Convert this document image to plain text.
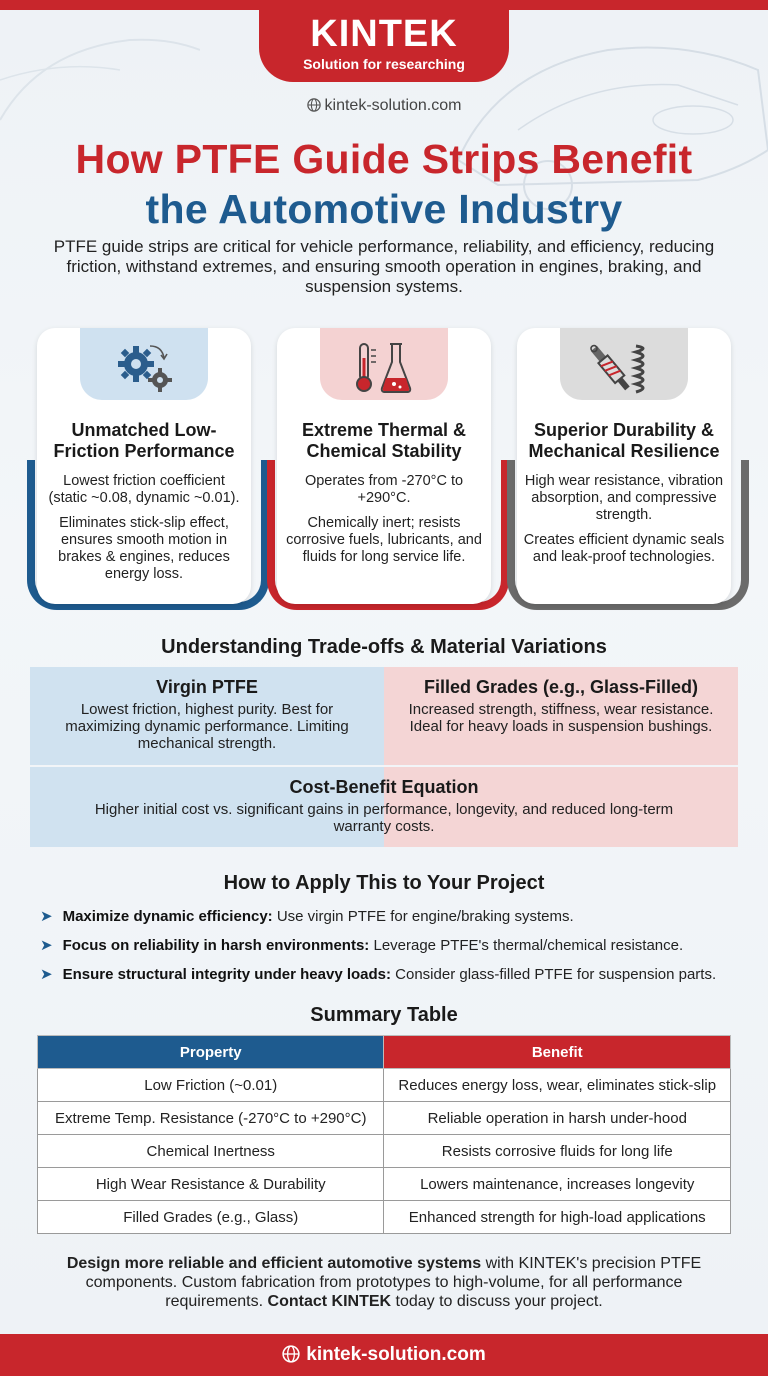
KINTEK
Solution for researching
kintek-solution.com
How PTFE Guide Strips Benefit
the Automotive Industry

PTFE guide strips are critical for vehicle performance, reliability, and efficiency, reducing friction, withstand extremes, and ensuring smooth operation in engines, braking, and suspension systems.

Unmatched Low-Friction Performance

Lowest friction coefficient (static ~0.08, dynamic ~0.01).

Eliminates stick-slip effect, ensures smooth motion in brakes & engines, reduces energy loss.

Extreme Thermal & Chemical Stability

Operates from -270°C to +290°C.

Chemically inert; resists corrosive fuels, lubricants, and fluids for long service life.

Superior Durability & Mechanical Resilience

High wear resistance, vibration absorption, and compressive strength.

Creates efficient dynamic seals and leak-proof technologies.

Understanding Trade-offs & Material Variations
Virgin PTFE
Lowest friction, highest purity. Best for maximizing dynamic performance. Limiting mechanical strength.
Filled Grades (e.g., Glass-Filled)
Increased strength, stiffness, wear resistance. Ideal for heavy loads in suspension bushings.
Cost-Benefit Equation
Higher initial cost vs. significant gains in performance, longevity, and reduced long-term warranty costs.
How to Apply This to Your Project
➤ Maximize dynamic efficiency: Use virgin PTFE for engine/braking systems.
➤ Focus on reliability in harsh environments: Leverage PTFE's thermal/chemical resistance.
➤ Ensure structural integrity under heavy loads: Consider glass-filled PTFE for suspension parts.
Summary Table
Property	Benefit
Low Friction (~0.01)	Reduces energy loss, wear, eliminates stick-slip
Extreme Temp. Resistance (-270°C to +290°C)	Reliable operation in harsh under-hood
Chemical Inertness	Resists corrosive fluids for long life
High Wear Resistance & Durability	Lowers maintenance, increases longevity
Filled Grades (e.g., Glass)	Enhanced strength for high-load applications

Design more reliable and efficient automotive systems with KINTEK's precision PTFE components. Custom fabrication from prototypes to high-volume, for all performance requirements. Contact KINTEK today to discuss your project.

kintek-solution.com
